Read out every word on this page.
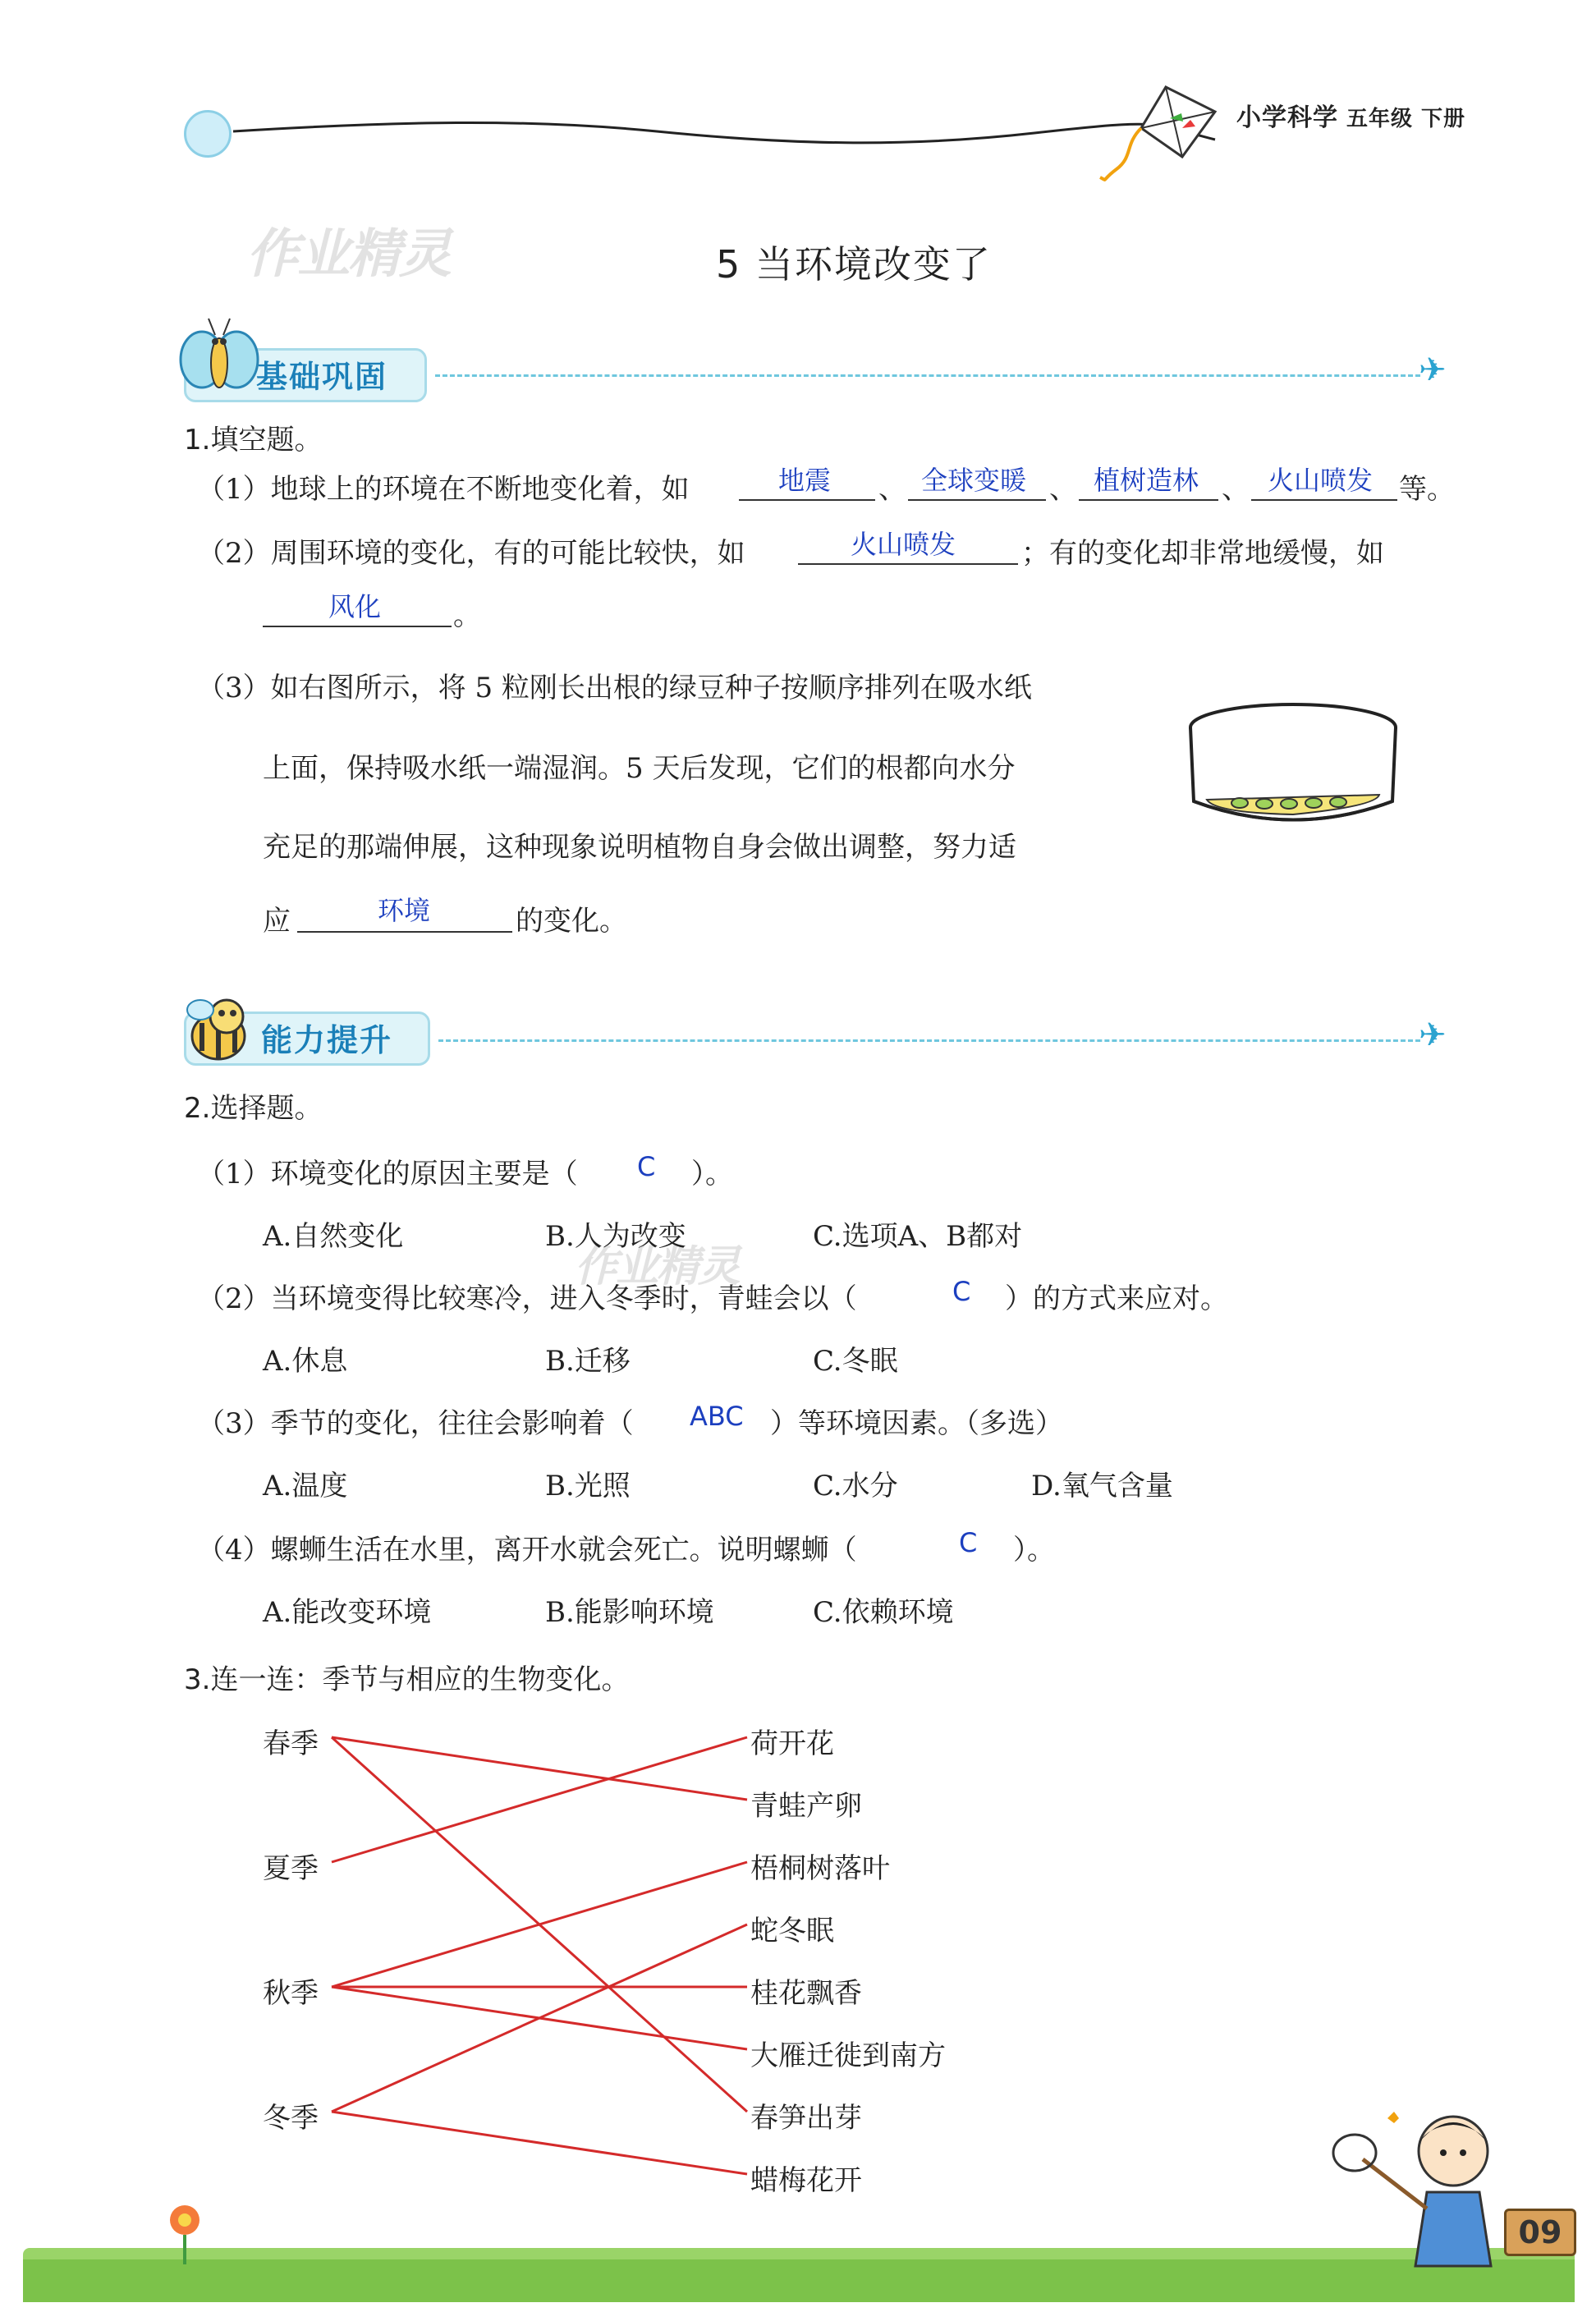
小学科学 五年级 下册
作业精灵
作业精灵
5 当环境改变了
基础巩固	✈
1.填空题。
（1）地球上的环境在不断地变化着，如	地震 、 全球变暖 、 植树造林 、 火山喷发 等。
（2）周围环境的变化，有的可能比较快，如	火山喷发 ；有的变化却非常地缓慢，如
风化	。
（3）如右图所示，将 5 粒刚长出根的绿豆种子按顺序排列在吸水纸
上面，保持吸水纸一端湿润。5 天后发现，它们的根都向水分
充足的那端伸展，这种现象说明植物自身会做出调整，努力适
应	环境	的变化。
能力提升	✈
2.选择题。
（1）环境变化的原因主要是（ C ）。
A.自然变化	B.人为改变	C.选项A、B都对
（2）当环境变得比较寒冷，进入冬季时，青蛙会以（	C ）的方式来应对。
A.休息	B.迁移	C.冬眠
（3）季节的变化，往往会影响着（ ABC ）等环境因素。（多选）
A.温度	B.光照	C.水分	D.氧气含量
（4）螺蛳生活在水里，离开水就会死亡。说明螺蛳（	C ）。
A.能改变环境	B.能影响环境	C.依赖环境
3.连一连：季节与相应的生物变化。
春季
夏季
秋季
冬季
荷开花
青蛙产卵
梧桐树落叶
蛇冬眠
桂花飘香
大雁迁徙到南方
春笋出芽
蜡梅花开
09
